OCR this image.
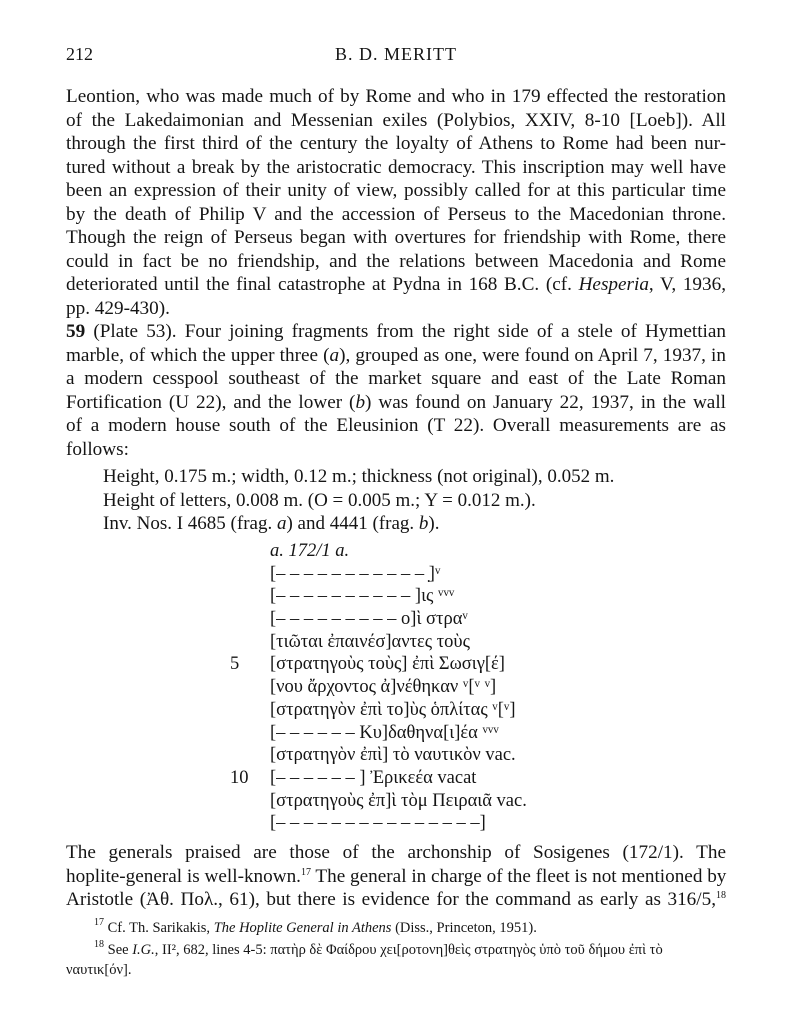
212	B. D. MERITT
Leontion, who was made much of by Rome and who in 179 effected the restoration
of the Lakedaimonian and Messenian exiles (Polybios, XXIV, 8-10 [Loeb]). All
through the first third of the century the loyalty of Athens to Rome had been nur-
tured without a break by the aristocratic democracy. This inscription may well have
been an expression of their unity of view, possibly called for at this particular time
by the death of Philip V and the accession of Perseus to the Macedonian throne.
Though the reign of Perseus began with overtures for friendship with Rome, there
could in fact be no friendship, and the relations between Macedonia and Rome
deteriorated until the final catastrophe at Pydna in 168 B.C. (cf. Hesperia, V, 1936,
pp. 429-430).
59 (Plate 53). Four joining fragments from the right side of a stele of Hymettian
marble, of which the upper three (a), grouped as one, were found on April 7, 1937, in
a modern cesspool southeast of the market square and east of the Late Roman
Fortification (U 22), and the lower (b) was found on January 22, 1937, in the wall
of a modern house south of the Eleusinion (T 22). Overall measurements are as
follows:
Height, 0.175 m.; width, 0.12 m.; thickness (not original), 0.052 m.
Height of letters, 0.008 m. (O = 0.005 m.; Y = 0.012 m.).
Inv. Nos. I 4685 (frag. a) and 4441 (frag. b).
a. 172/1 a.
[– – – – – – – – – – – ̣]ᵛ
[– – – – – – – – – – ]ις ᵛᵛᵛ
[– – – – – – – – – ο]ὶ στραᵛ
[τιῶται ἐπαινέσ]αντες τοὺς
5	[στρατηγοὺς τοὺς] ἐπὶ Σωσιγ[έ]
[νου ἄρχοντος ἀ]νέθηκαν ᵛ[ᵛ ᵛ]
[στρατηγὸν ἐπὶ το]ὺς ὁπλίτας ᵛ[ᵛ]
[– – – – – – Κυ]δαθηνα[ι]έα ᵛᵛᵛ
[στρατηγὸν ἐπὶ] τὸ ναυτικὸν vac.
10	[– – – – – – ] Ἐρικεέα vacat
[στρατηγοὺς ἐπ]ὶ τὸμ Πειραιᾶ vac.
[– – – – – – – – – – – – – – –]
The generals praised are those of the archonship of Sosigenes (172/1). The
hoplite-general is well-known.$^{17}$ The general in charge of the fleet is not mentioned by
Aristotle (Ἀθ. Πολ., 61), but there is evidence for the command as early as 316/5,18
$^{17}$ Cf. Th. Sarikakis, The Hoplite General in Athens (Diss., Princeton, 1951).
$^{18}$ See I.G., II², 682, lines 4-5: πατὴρ δὲ Φαίδρου χει[ροτονη]θεὶς στρατηγὸς ὑπὸ τοῦ δήμου ἐπὶ τὸ
ναυτικ[όν].
